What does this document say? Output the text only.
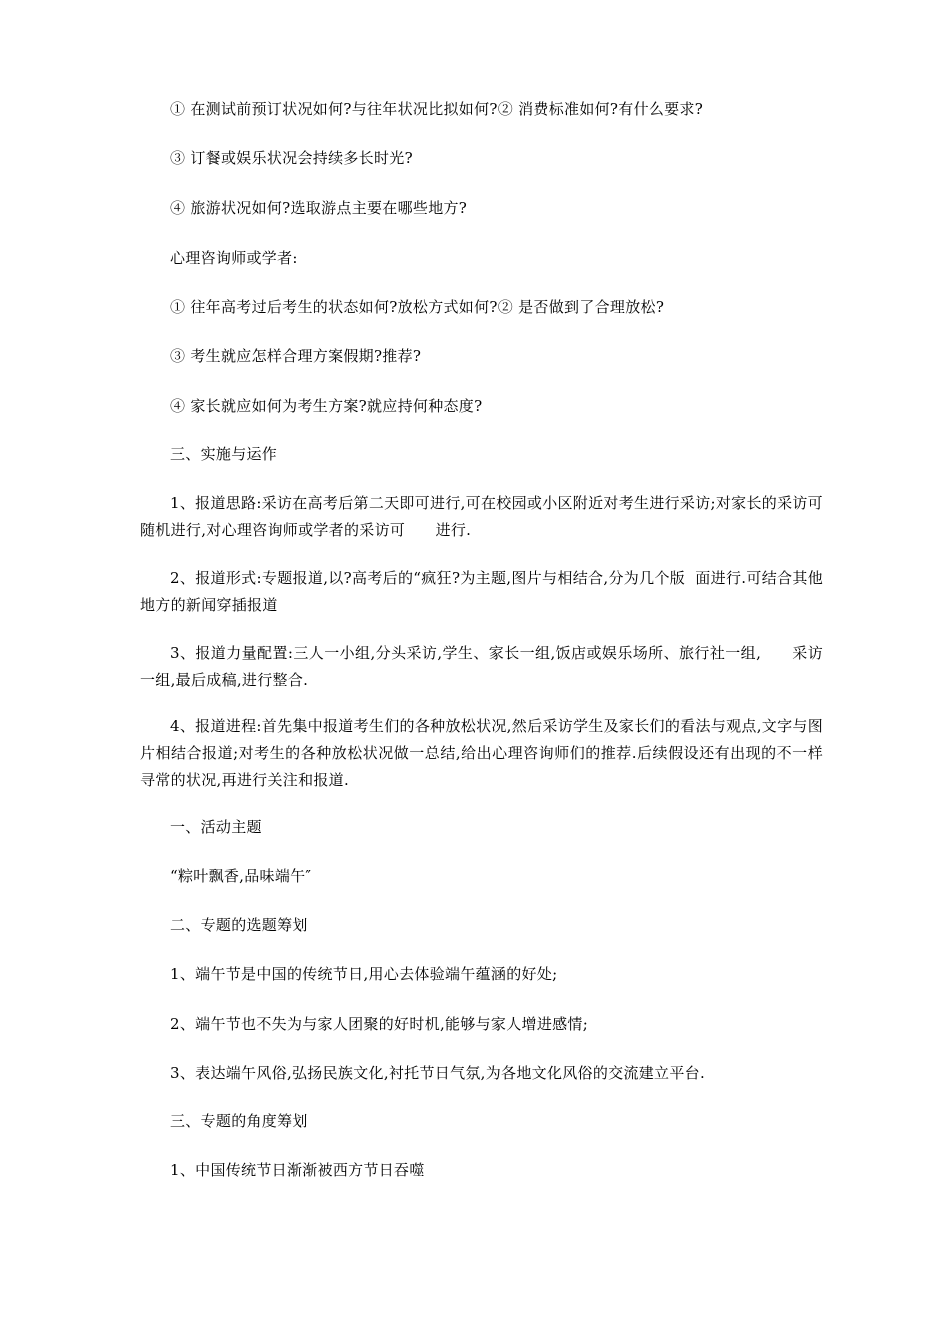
① 在测试前预订状况如何?与往年状况比拟如何?② 消费标准如何?有什么要求?

③ 订餐或娱乐状况会持续多长时光?

④ 旅游状况如何?选取游点主要在哪些地方?

心理咨询师或学者:

① 往年高考过后考生的状态如何?放松方式如何?② 是否做到了合理放松?

③ 考生就应怎样合理方案假期?推荐?

④ 家长就应如何为考生方案?就应持何种态度?

三、实施与运作

1、报道思路:采访在高考后第二天即可进行,可在校园或小区附近对考生进行采访;对家长的采访可随机进行,对心理咨询师或学者的采访可      进行.

2、报道形式:专题报道,以?高考后的“疯狂?为主题,图片与相结合,分为几个版  面进行.可结合其他地方的新闻穿插报道

3、报道力量配置:三人一小组,分头采访,学生、家长一组,饭店或娱乐场所、旅行社一组,      采访一组,最后成稿,进行整合.

4、报道进程:首先集中报道考生们的各种放松状况,然后采访学生及家长们的看法与观点,文字与图片相结合报道;对考生的各种放松状况做一总结,给出心理咨询师们的推荐.后续假设还有出现的不一样寻常的状况,再进行关注和报道.

一、活动主题

“粽叶飘香,品味端午″

二、专题的选题筹划

1、端午节是中国的传统节日,用心去体验端午蕴涵的好处;

2、端午节也不失为与家人团聚的好时机,能够与家人增进感情;

3、表达端午风俗,弘扬民族文化,衬托节日气氛,为各地文化风俗的交流建立平台.

三、专题的角度筹划

1、中国传统节日渐渐被西方节日吞噬
